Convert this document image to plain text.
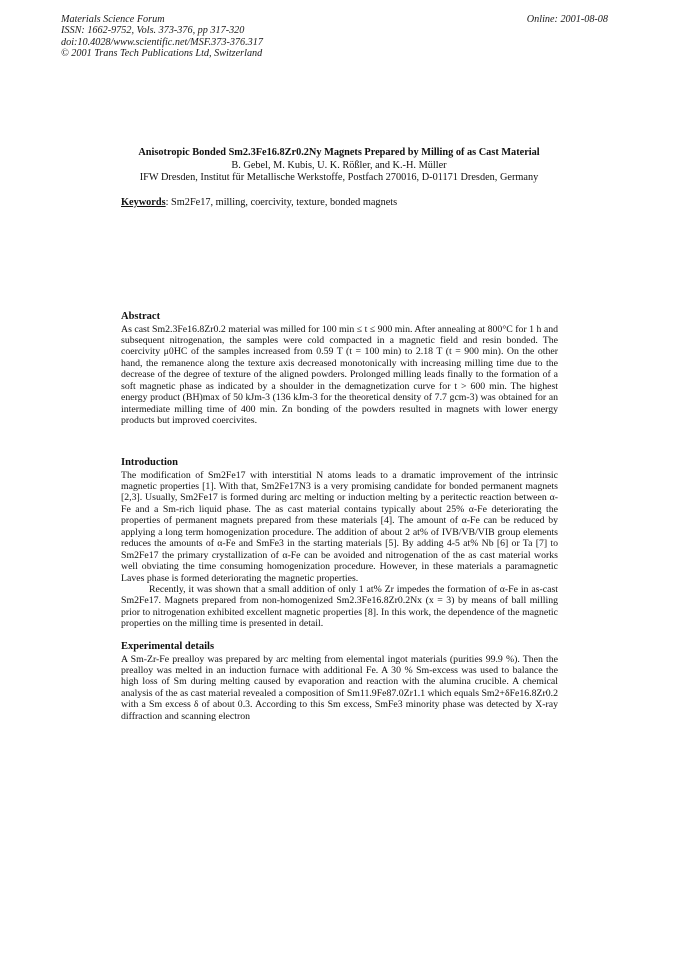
Materials Science Forum
ISSN: 1662-9752, Vols. 373-376, pp 317-320
doi:10.4028/www.scientific.net/MSF.373-376.317
© 2001 Trans Tech Publications Ltd, Switzerland
Online: 2001-08-08
Anisotropic Bonded Sm2.3Fe16.8Zr0.2Ny Magnets Prepared by Milling of as Cast Material
B. Gebel, M. Kubis, U. K. Rößler, and K.-H. Müller
IFW Dresden, Institut für Metallische Werkstoffe, Postfach 270016, D-01171 Dresden, Germany
Keywords: Sm2Fe17, milling, coercivity, texture, bonded magnets

Abstract

As cast Sm2.3Fe16.8Zr0.2 material was milled for 100 min ≤ t ≤ 900 min. After annealing at 800°C for 1 h and subsequent nitrogenation, the samples were cold compacted in a magnetic field and resin bonded. The coercivity μ0HC of the samples increased from 0.59 T (t = 100 min) to 2.18 T (t = 900 min). On the other hand, the remanence along the texture axis decreased monotonically with increasing milling time due to the decrease of the degree of texture of the aligned powders. Prolonged milling leads finally to the formation of a soft magnetic phase as indicated by a shoulder in the demagnetization curve for t > 600 min. The highest energy product (BH)max of 50 kJm-3 (136 kJm-3 for the theoretical density of 7.7 gcm-3) was obtained for an intermediate milling time of 400 min. Zn bonding of the powders resulted in magnets with lower energy products but improved coercivites.

Introduction

The modification of Sm2Fe17 with interstitial N atoms leads to a dramatic improvement of the intrinsic magnetic properties [1]. With that, Sm2Fe17N3 is a very promising candidate for bonded permanent magnets [2,3]. Usually, Sm2Fe17 is formed during arc melting or induction melting by a peritectic reaction between α-Fe and a Sm-rich liquid phase. The as cast material contains typically about 25% α-Fe deteriorating the properties of permanent magnets prepared from these materials [4]. The amount of α-Fe can be reduced by applying a long term homogenization procedure. The addition of about 2 at% of IVB/VB/VIB group elements reduces the amounts of α-Fe and SmFe3 in the starting materials [5]. By adding 4-5 at% Nb [6] or Ta [7] to Sm2Fe17 the primary crystallization of α-Fe can be avoided and nitrogenation of the as cast material works well obviating the time consuming homogenization procedure. However, in these materials a paramagnetic Laves phase is formed deteriorating the magnetic properties.

Recently, it was shown that a small addition of only 1 at% Zr impedes the formation of α-Fe in as-cast Sm2Fe17. Magnets prepared from non-homogenized Sm2.3Fe16.8Zr0.2Nx (x = 3) by means of ball milling prior to nitrogenation exhibited excellent magnetic properties [8]. In this work, the dependence of the magnetic properties on the milling time is presented in detail.

Experimental details

A Sm-Zr-Fe prealloy was prepared by arc melting from elemental ingot materials (purities 99.9 %). Then the prealloy was melted in an induction furnace with additional Fe. A 30 % Sm-excess was used to balance the high loss of Sm during melting caused by evaporation and reaction with the alumina crucible. A chemical analysis of the as cast material revealed a composition of Sm11.9Fe87.0Zr1.1 which equals Sm2+δFe16.8Zr0.2 with a Sm excess δ of about 0.3. According to this Sm excess, SmFe3 minority phase was detected by X-ray diffraction and scanning electron
